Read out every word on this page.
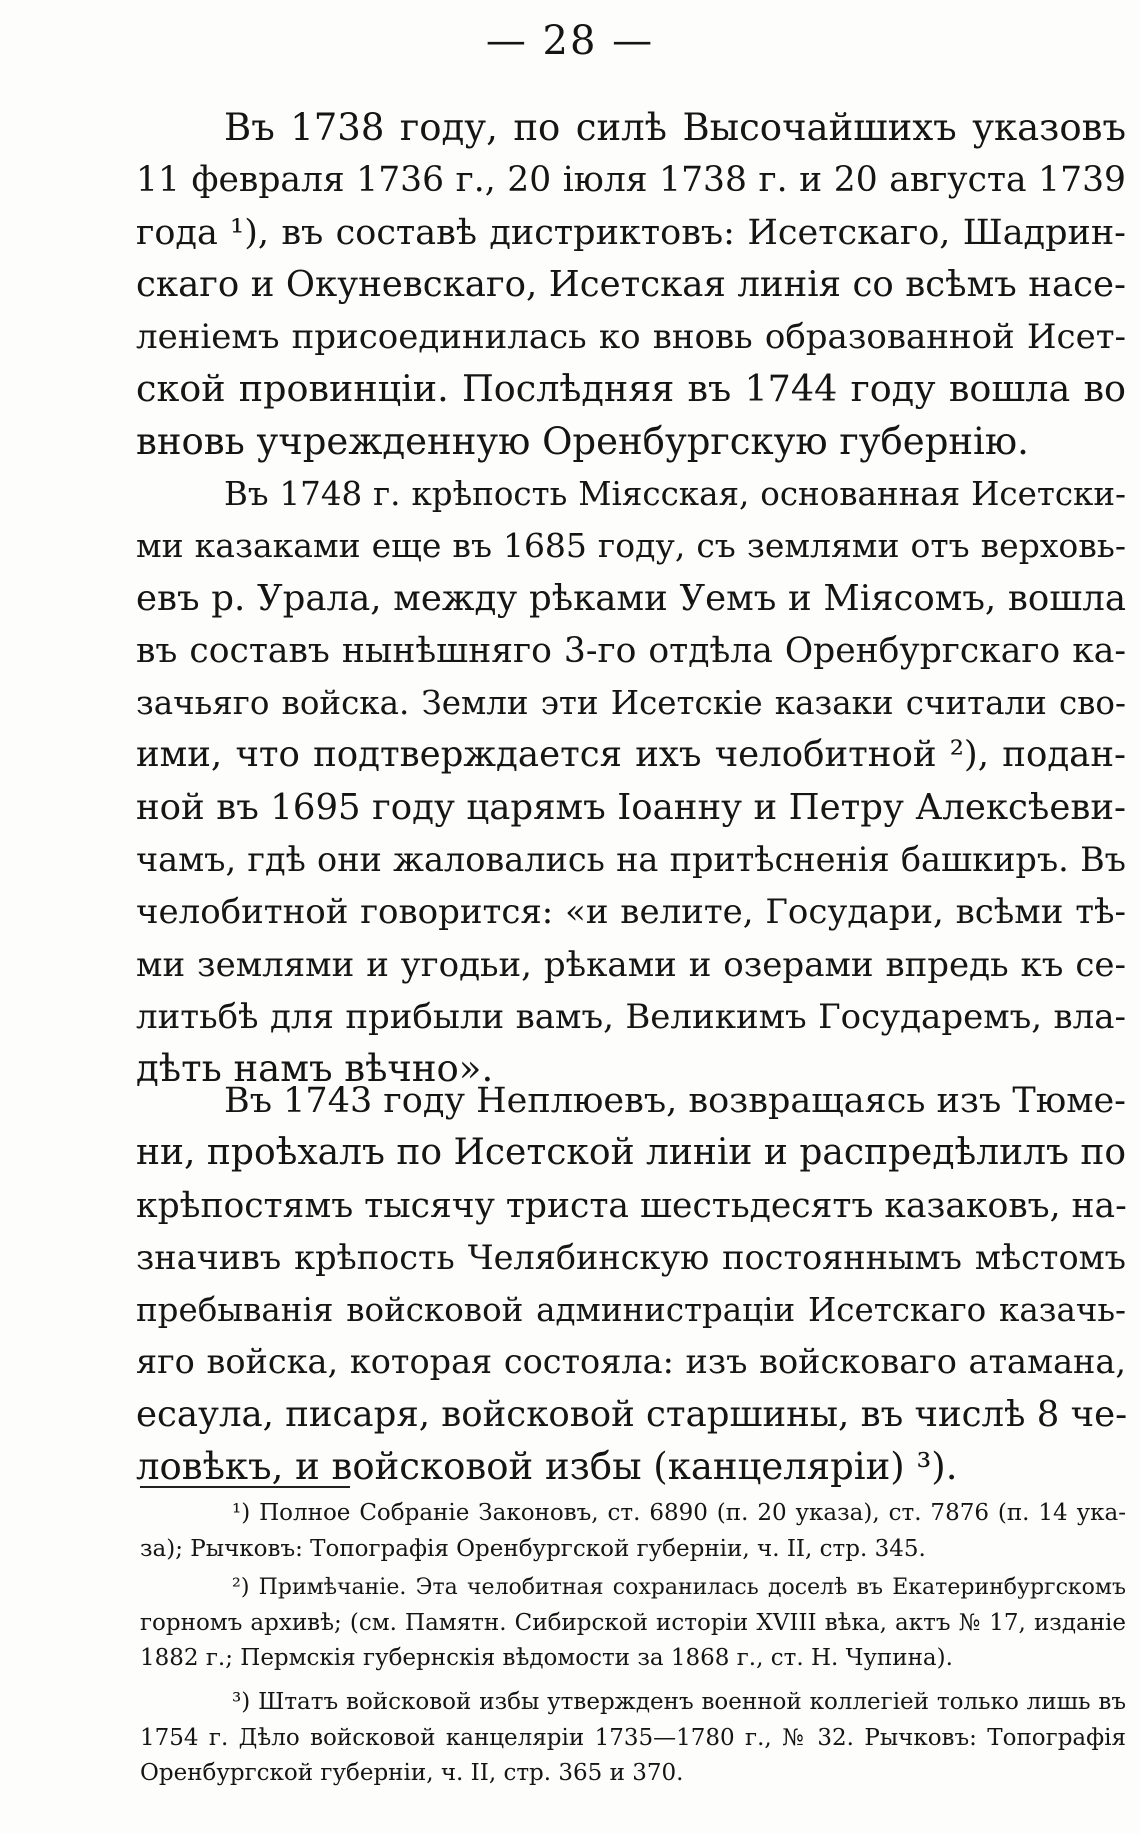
— 28 —
Въ 1738 году, по силѣ Высочайшихъ указовъ
11 февраля 1736 г., 20 іюля 1738 г. и 20 августа 1739
года ¹), въ составѣ дистриктовъ: Исетскаго, Шадрин-
скаго и Окуневскаго, Исетская линія со всѣмъ насе-
леніемъ присоединилась ко вновь образованной Исет-
ской провинціи. Послѣдняя въ 1744 году вошла во
вновь учрежденную Оренбургскую губернію.
Въ 1748 г. крѣпость Міясская, основанная Исетски-
ми казаками еще въ 1685 году, съ землями отъ верховь-
евъ р. Урала, между рѣками Уемъ и Міясомъ, вошла
въ составъ нынѣшняго 3-го отдѣла Оренбургскаго ка-
зачьяго войска. Земли эти Исетскіе казаки считали сво-
ими, что подтверждается ихъ челобитной ²), подан-
ной въ 1695 году царямъ Іоанну и Петру Алексѣеви-
чамъ, гдѣ они жаловались на притѣсненія башкиръ. Въ
челобитной говорится: «и велите, Государи, всѣми тѣ-
ми землями и угодьи, рѣками и озерами впредь къ се-
литьбѣ для прибыли вамъ, Великимъ Государемъ, вла-
дѣть намъ вѣчно».
Въ 1743 году Неплюевъ, возвращаясь изъ Тюме-
ни, проѣхалъ по Исетской линіи и распредѣлилъ по
крѣпостямъ тысячу триста шестьдесятъ казаковъ, на-
значивъ крѣпость Челябинскую постояннымъ мѣстомъ
пребыванія войсковой администраціи Исетскаго казачь-
яго войска, которая состояла: изъ войсковаго атамана,
есаула, писаря, войсковой старшины, въ числѣ 8 че-
ловѣкъ, и войсковой избы (канцеляріи) ³).
¹) Полное Собраніе Законовъ, ст. 6890 (п. 20 указа), ст. 7876 (п. 14 ука-
за); Рычковъ: Топографія Оренбургской губерніи, ч. II, стр. 345.
²) Примѣчаніе. Эта челобитная сохранилась доселѣ въ Екатеринбургскомъ
горномъ архивѣ; (см. Памятн. Сибирской исторіи XVIII вѣка, актъ № 17, изданіе
1882 г.; Пермскія губернскія вѣдомости за 1868 г., ст. Н. Чупина).
³) Штатъ войсковой избы утвержденъ военной коллегіей только лишь въ
1754 г. Дѣло войсковой канцеляріи 1735—1780 г., № 32. Рычковъ: Топографія
Оренбургской губерніи, ч. II, стр. 365 и 370.
